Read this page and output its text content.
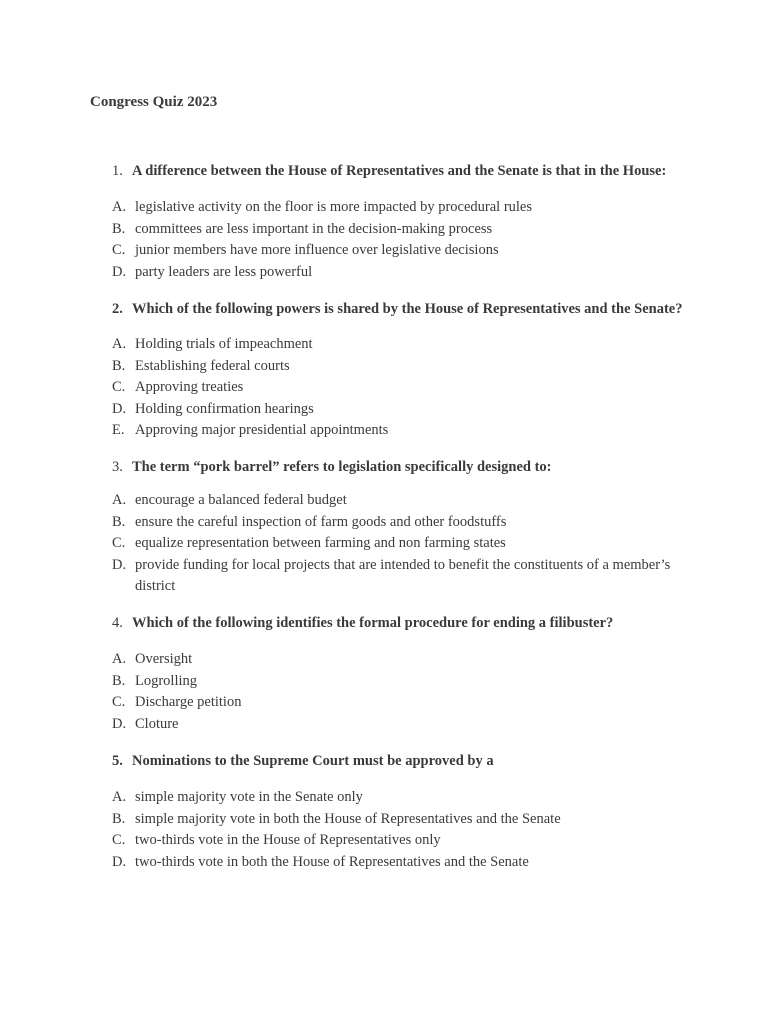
Congress Quiz 2023
1. A difference between the House of Representatives and the Senate is that in the House:
A. legislative activity on the floor is more impacted by procedural rules
B. committees are less important in the decision-making process
C. junior members have more influence over legislative decisions
D. party leaders are less powerful
2. Which of the following powers is shared by the House of Representatives and the Senate?
A. Holding trials of impeachment
B. Establishing federal courts
C. Approving treaties
D. Holding confirmation hearings
E. Approving major presidential appointments
3. The term “pork barrel” refers to legislation specifically designed to:
A. encourage a balanced federal budget
B. ensure the careful inspection of farm goods and other foodstuffs
C. equalize representation between farming and non farming states
D. provide funding for local projects that are intended to benefit the constituents of a member’s district
4. Which of the following identifies the formal procedure for ending a filibuster?
A. Oversight
B. Logrolling
C. Discharge petition
D. Cloture
5. Nominations to the Supreme Court must be approved by a
A. simple majority vote in the Senate only
B. simple majority vote in both the House of Representatives and the Senate
C. two-thirds vote in the House of Representatives only
D. two-thirds vote in both the House of Representatives and the Senate
